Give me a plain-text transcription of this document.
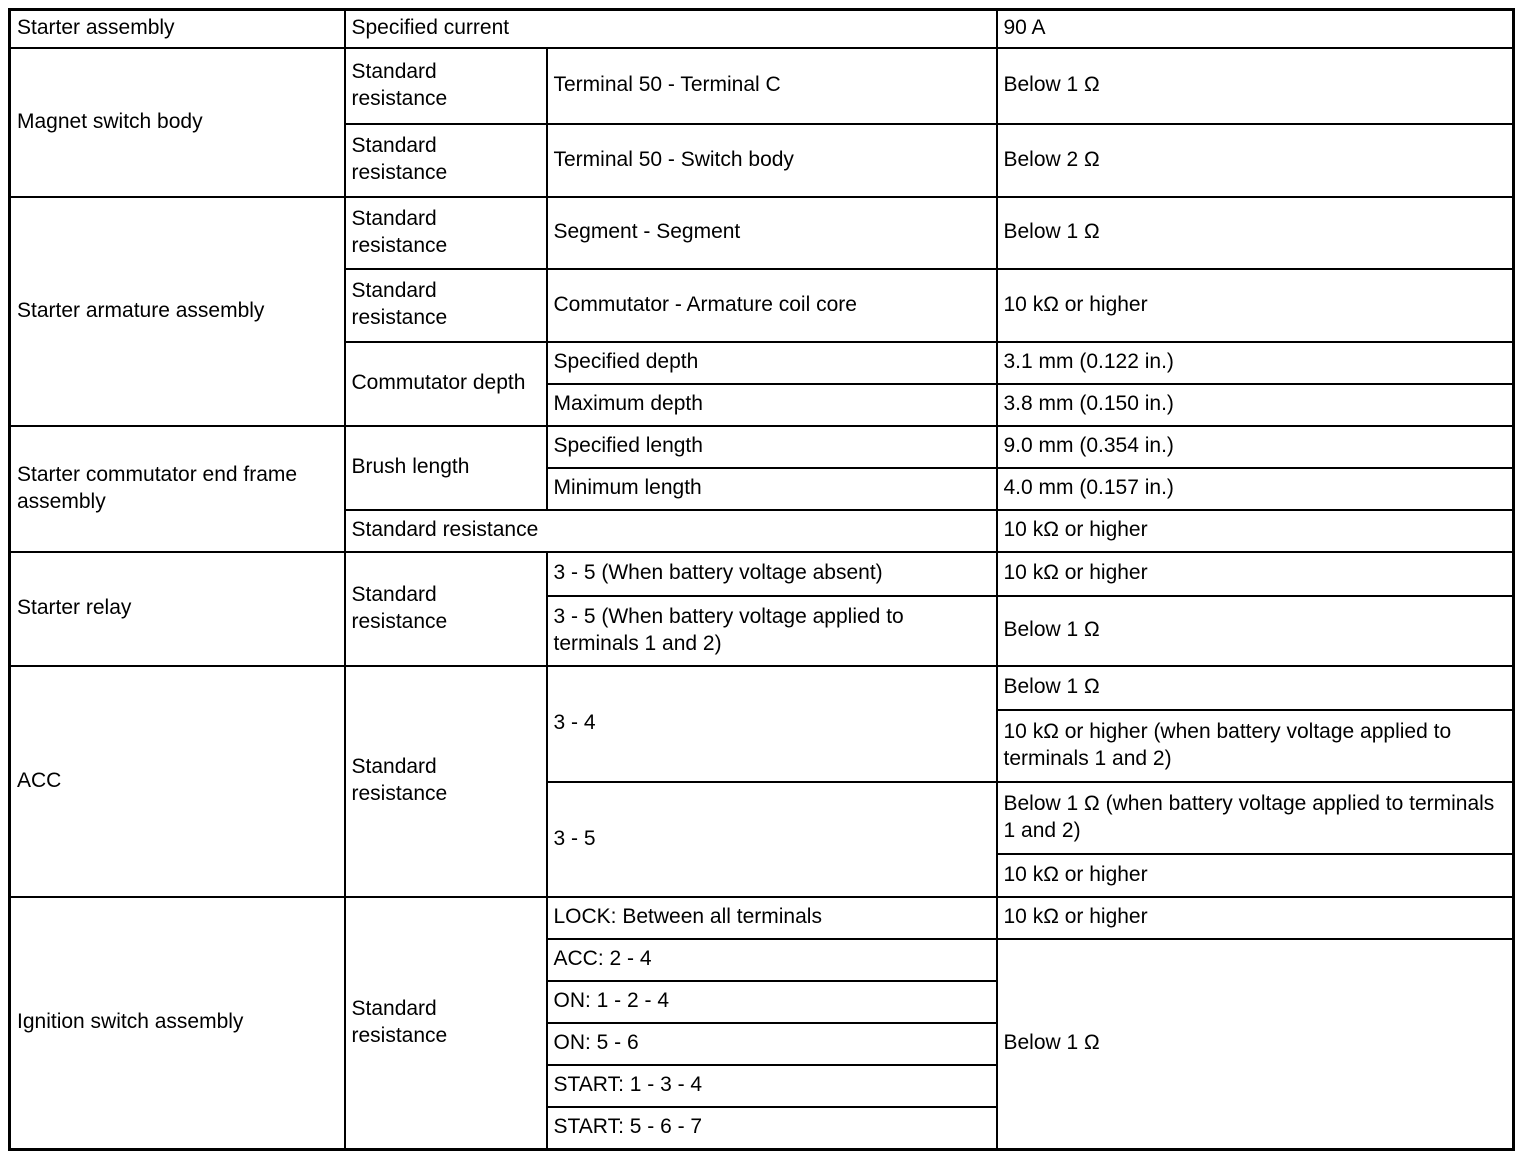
Starter assembly	Specified current		90 A
Magnet switch body	Standard resistance	Terminal 50 - Terminal C	Below 1 Ω
	Standard resistance	Terminal 50 - Switch body	Below 2 Ω
Starter armature assembly	Standard resistance	Segment - Segment	Below 1 Ω
	Standard resistance	Commutator - Armature coil core	10 kΩ or higher
	Commutator depth	Specified depth	3.1 mm (0.122 in.)
		Maximum depth	3.8 mm (0.150 in.)
Starter commutator end frame assembly	Brush length	Specified length	9.0 mm (0.354 in.)
		Minimum length	4.0 mm (0.157 in.)
	Standard resistance		10 kΩ or higher
Starter relay	Standard resistance	3 - 5 (When battery voltage absent)	10 kΩ or higher
		3 - 5 (When battery voltage applied to terminals 1 and 2)	Below 1 Ω
ACC	Standard resistance	3 - 4	Below 1 Ω
			10 kΩ or higher (when battery voltage applied to terminals 1 and 2)
		3 - 5	Below 1 Ω (when battery voltage applied to terminals 1 and 2)
			10 kΩ or higher
Ignition switch assembly	Standard resistance	LOCK: Between all terminals	10 kΩ or higher
		ACC: 2 - 4	Below 1 Ω
		ON: 1 - 2 - 4	
		ON: 5 - 6	
		START: 1 - 3 - 4	
		START: 5 - 6 - 7	
